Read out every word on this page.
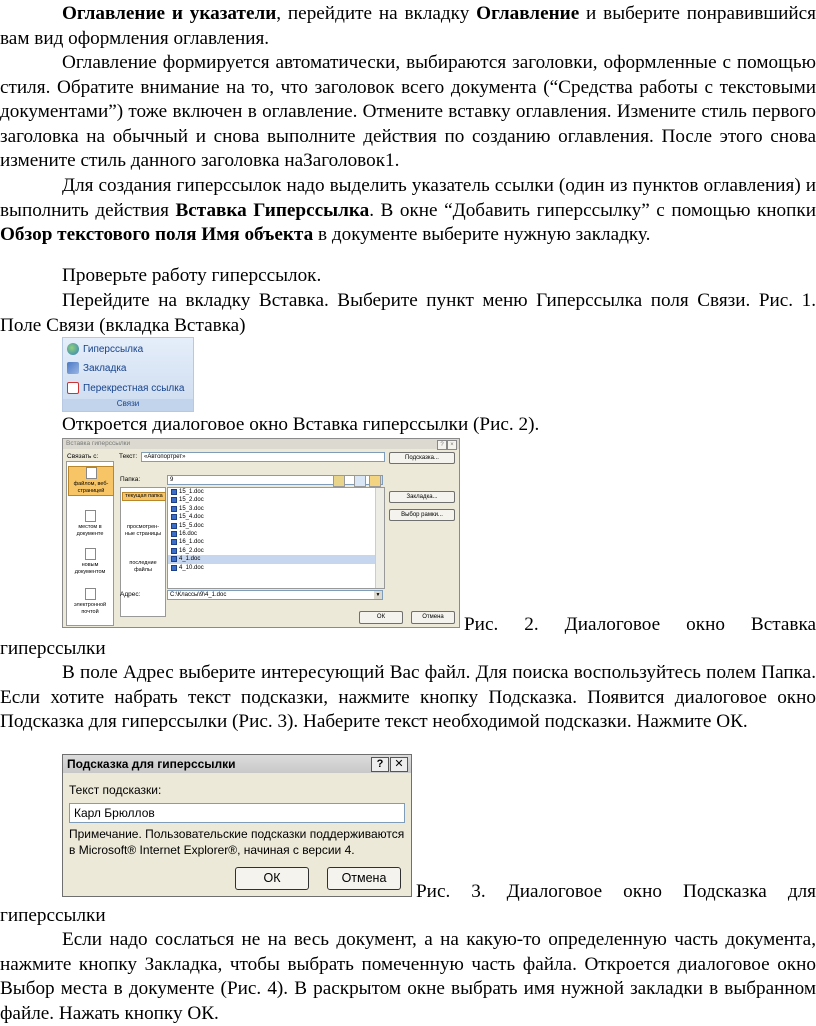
Оглавление и указатели, перейдите на вкладку Оглавление и выберите понравившийся вам вид оформления оглавления.

Оглавление формируется автоматически, выбираются заголовки, оформленные с помощью стиля. Обратите внимание на то, что заголовок всего документа (“Средства работы с текстовыми документами”) тоже включен в оглавление. Отмените вставку оглавления. Измените стиль первого заголовка на обычный и снова выполните действия по созданию оглавления. После этого снова измените стиль данного заголовка наЗаголовок1.

Для создания гиперссылок надо выделить указатель ссылки (один из пунктов оглавления) и выполнить действия Вставка Гиперссылка. В окне “Добавить гиперссылку” с помощью кнопки Обзор текстового поля Имя объекта в документе выберите нужную закладку.

Проверьте работу гиперссылок.

Перейдите на вкладку Вставка. Выберите пункт меню Гиперссылка поля Связи. Рис. 1. Поле Связи (вкладка Вставка)

Гиперссылка
Закладка
Перекрестная ссылка
Связи

Откроется диалоговое окно Вставка гиперссылки (Рис. 2).

Вставка гиперссылки	?	×
Связать с:	Текст:	«Автопортрет»	Подсказка...
файлом, веб-страницей
местом в документе
новым документом
электронной почтой
Папка:	9
текущая папка
просмотрен-ные страницы
последние файлы
15_1.doc
15_2.doc
15_3.doc
15_4.doc
15_5.doc
16.doc
16_1.doc
16_2.doc
4_1.doc
4_10.doc
Закладка...
Выбор рамки...
Адрес:	C:\Классы\9\4_1.doc	▼
ОК	Отмена	Рис. 2. Диалоговое окно Вставка
гиперссылки

В поле Адрес выберите интересующий Вас файл. Для поиска воспользуйтесь полем Папка. Если хотите набрать текст подсказки, нажмите кнопку Подсказка. Появится диалоговое окно Подсказка для гиперссылки (Рис. 3). Наберите текст необходимой подсказки. Нажмите ОК.

Подсказка для гиперссылки	?	✕
Текст подсказки:
Карл Брюллов
Примечание. Пользовательские подсказки поддерживаются
в Microsoft® Internet Explorer®, начиная с версии 4.
ОК	Отмена

Рис. 3. Диалоговое окно Подсказка для
гиперссылки

Если надо сослаться не на весь документ, а на какую-то определенную часть документа, нажмите кнопку Закладка, чтобы выбрать помеченную часть файла. Откроется диалоговое окно Выбор места в документе (Рис. 4). В раскрытом окне выбрать имя нужной закладки в выбранном файле. Нажать кнопку ОК.
